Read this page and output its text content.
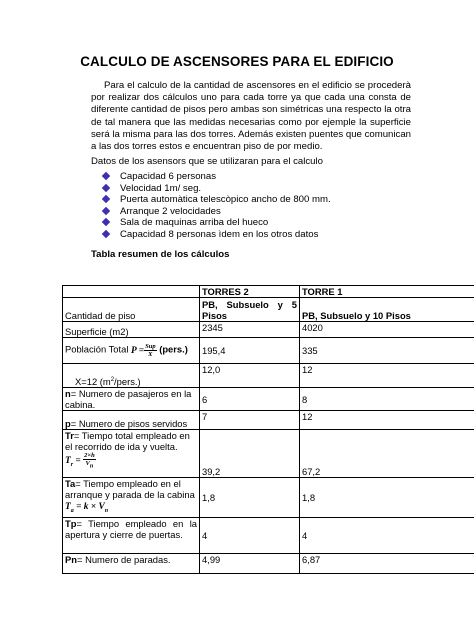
CALCULO DE ASCENSORES PARA EL EDIFICIO
Para el calculo de la cantidad de ascensores en el edificio se procederà por realizar dos cálculos uno para cada torre ya que cada una consta de diferente cantidad de pisos pero ambas son simétricas una respecto la otra de tal manera que las medidas necesarias como por ejemple la superficie será la misma para las dos torres. Además existen puentes que comunican a las dos torres estos e encuentran piso de por medio.
Datos de los asensors que se utilizaran para el calculo
Capacidad 6 personas
Velocidad 1m/ seg.
Puerta automàtica telescòpico ancho de 800 mm.
Arranque 2 velocidades
Sala de maquinas arriba del hueco
Capacidad 8 personas ìdem en los otros datos
Tabla resumen de los cálculos
	TORRES 2	TORRE 1
Cantidad de piso	PB, Subsuelo y 5 Pisos	PB, Subsuelo y 10 Pisos
Superficie (m2)	2345	4020
Población Total $P = \frac{\text{Sup}}{X}$ (pers.)	195,4	335
X=12 $(m^2/pers.)$	12,0	12
n= Numero de pasajeros en la cabina.	6	8
p= Numero de pisos servidos	7	12
Tr= Tiempo total empleado en el recorrido de ida y vuelta.
$T_r = \frac{2\times h}{V_n}$	39,2	67,2
Ta= Tiempo empleado en el arranque y parada de la cabina
$T_a = k \times V_n$	1,8	1,8
Tp= Tiempo empleado en la apertura y cierre de puertas.	4	4
Pn= Numero de paradas.	4,99	6,87
